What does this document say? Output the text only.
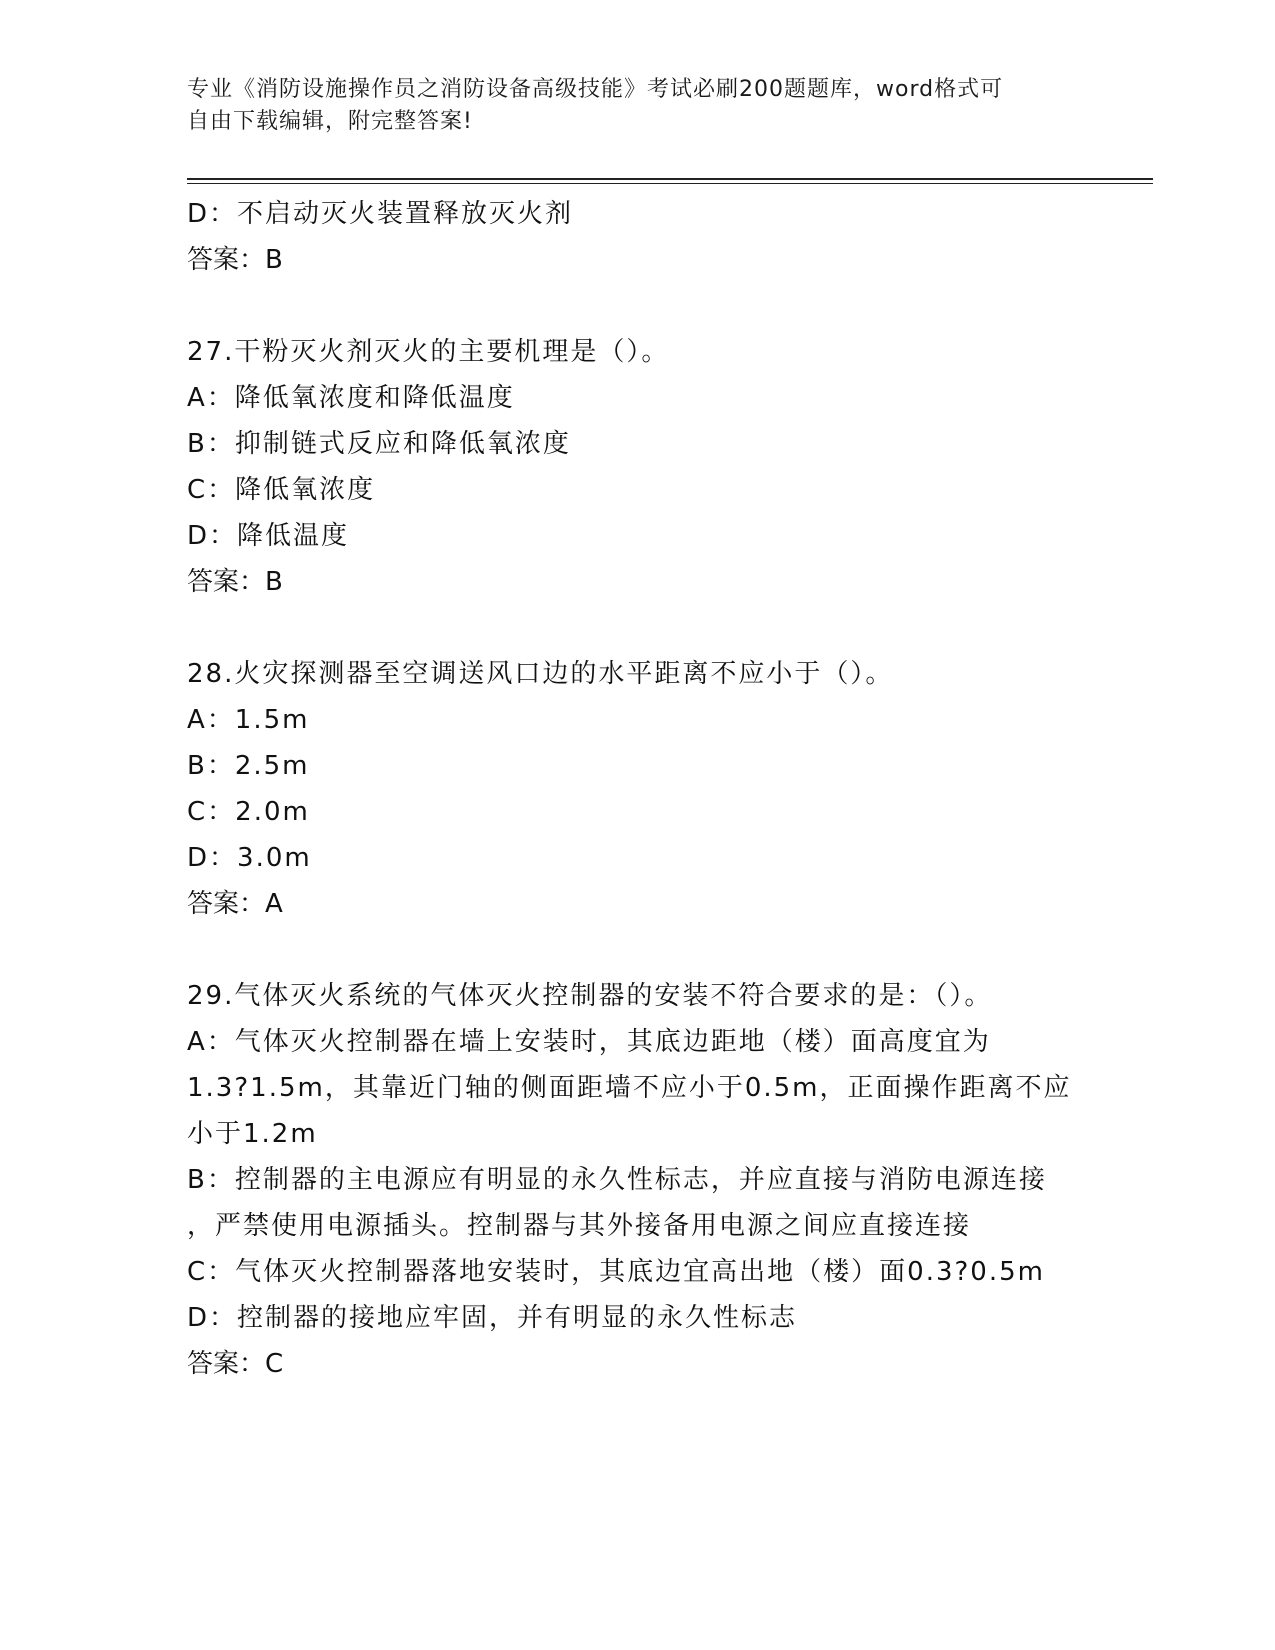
专业《消防设施操作员之消防设备高级技能》考试必刷200题题库，word格式可
自由下载编辑，附完整答案!
D：不启动灭火装置释放灭火剂
答案：B
27.干粉灭火剂灭火的主要机理是（）。
A：降低氧浓度和降低温度
B：抑制链式反应和降低氧浓度
C：降低氧浓度
D：降低温度
答案：B
28.火灾探测器至空调送风口边的水平距离不应小于（）。
A：1.5m
B：2.5m
C：2.0m
D：3.0m
答案：A
29.气体灭火系统的气体灭火控制器的安装不符合要求的是：（）。
A：气体灭火控制器在墙上安装时，其底边距地（楼）面高度宜为
1.3?1.5m，其靠近门轴的侧面距墙不应小于0.5m，正面操作距离不应
小于1.2m
B：控制器的主电源应有明显的永久性标志，并应直接与消防电源连接
，严禁使用电源插头。控制器与其外接备用电源之间应直接连接
C：气体灭火控制器落地安装时，其底边宜高出地（楼）面0.3?0.5m
D：控制器的接地应牢固，并有明显的永久性标志
答案：C
